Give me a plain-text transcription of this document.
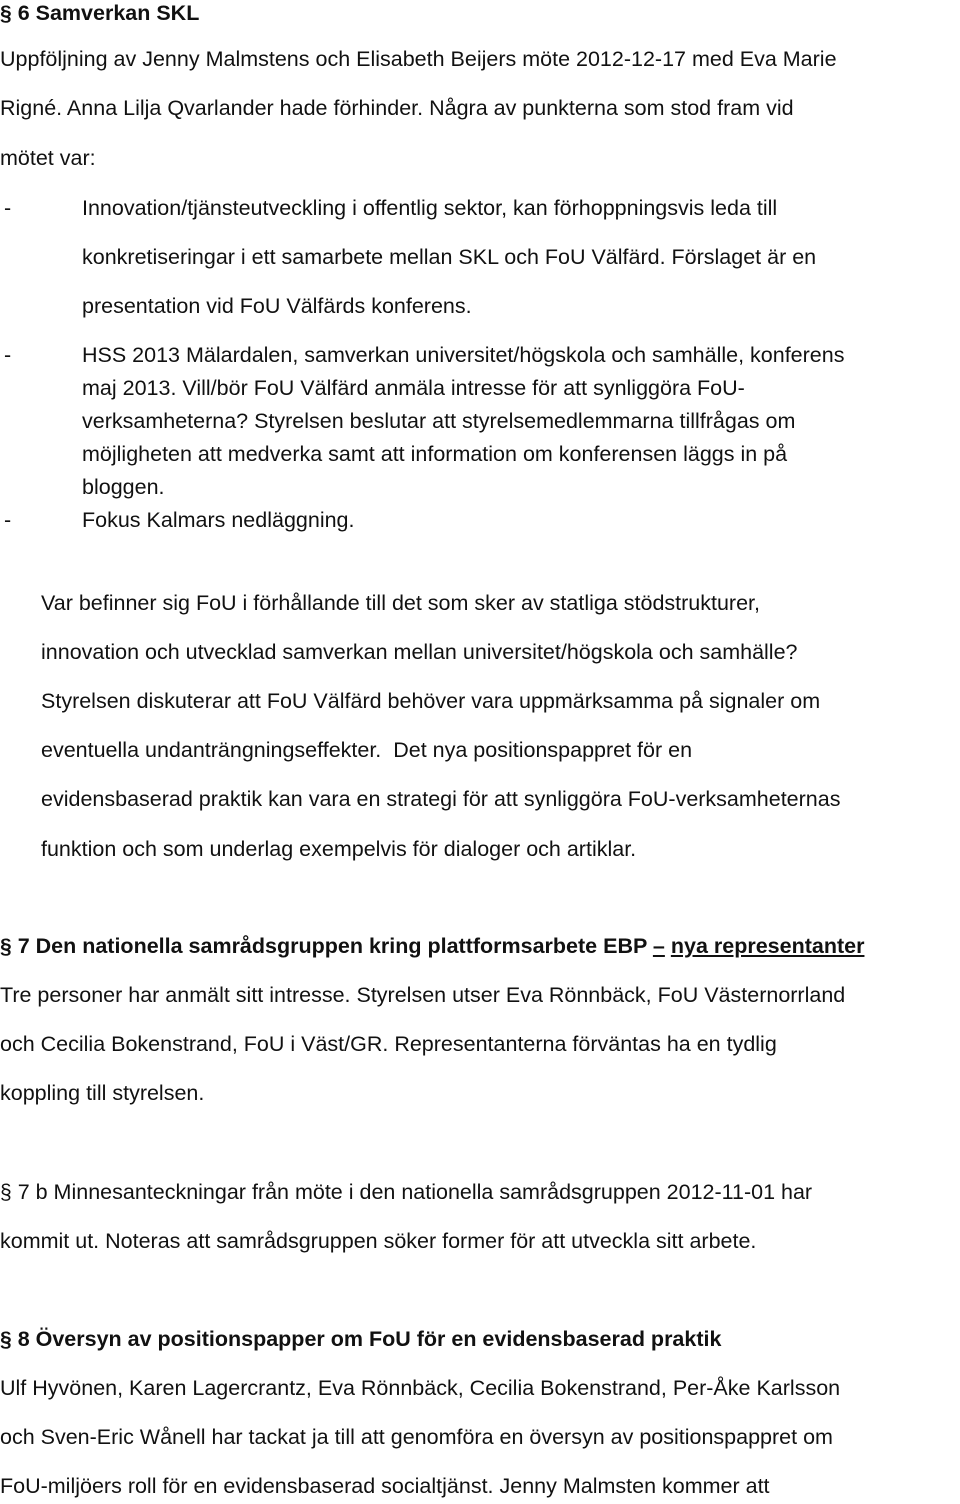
§ 6 Samverkan SKL
Uppföljning av Jenny Malmstens och Elisabeth Beijers möte 2012-12-17 med Eva Marie
Rigné. Anna Lilja Qvarlander hade förhinder. Några av punkterna som stod fram vid
mötet var:
-	Innovation/tjänsteutveckling i offentlig sektor, kan förhoppningsvis leda till
konkretiseringar i ett samarbete mellan SKL och FoU Välfärd. Förslaget är en
presentation vid FoU Välfärds konferens.
-	HSS 2013 Mälardalen, samverkan universitet/högskola och samhälle, konferens
maj 2013. Vill/bör FoU Välfärd anmäla intresse för att synliggöra FoU-
verksamheterna? Styrelsen beslutar att styrelsemedlemmarna tillfrågas om
möjligheten att medverka samt att information om konferensen läggs in på
bloggen.
-	Fokus Kalmars nedläggning.
Var befinner sig FoU i förhållande till det som sker av statliga stödstrukturer,
innovation och utvecklad samverkan mellan universitet/högskola och samhälle?
Styrelsen diskuterar att FoU Välfärd behöver vara uppmärksamma på signaler om
eventuella undanträngningseffekter.  Det nya positionspappret för en
evidensbaserad praktik kan vara en strategi för att synliggöra FoU-verksamheternas
funktion och som underlag exempelvis för dialoger och artiklar.
§ 7 Den nationella samrådsgruppen kring plattformsarbete EBP – nya representanter
Tre personer har anmält sitt intresse. Styrelsen utser Eva Rönnbäck, FoU Västernorrland
och Cecilia Bokenstrand, FoU i Väst/GR. Representanterna förväntas ha en tydlig
koppling till styrelsen.
§ 7 b Minnesanteckningar från möte i den nationella samrådsgruppen 2012-11-01 har
kommit ut. Noteras att samrådsgruppen söker former för att utveckla sitt arbete.
§ 8 Översyn av positionspapper om FoU för en evidensbaserad praktik
Ulf Hyvönen, Karen Lagercrantz, Eva Rönnbäck, Cecilia Bokenstrand, Per-Åke Karlsson
och Sven-Eric Wånell har tackat ja till att genomföra en översyn av positionspappret om
FoU-miljöers roll för en evidensbaserad socialtjänst. Jenny Malmsten kommer att
